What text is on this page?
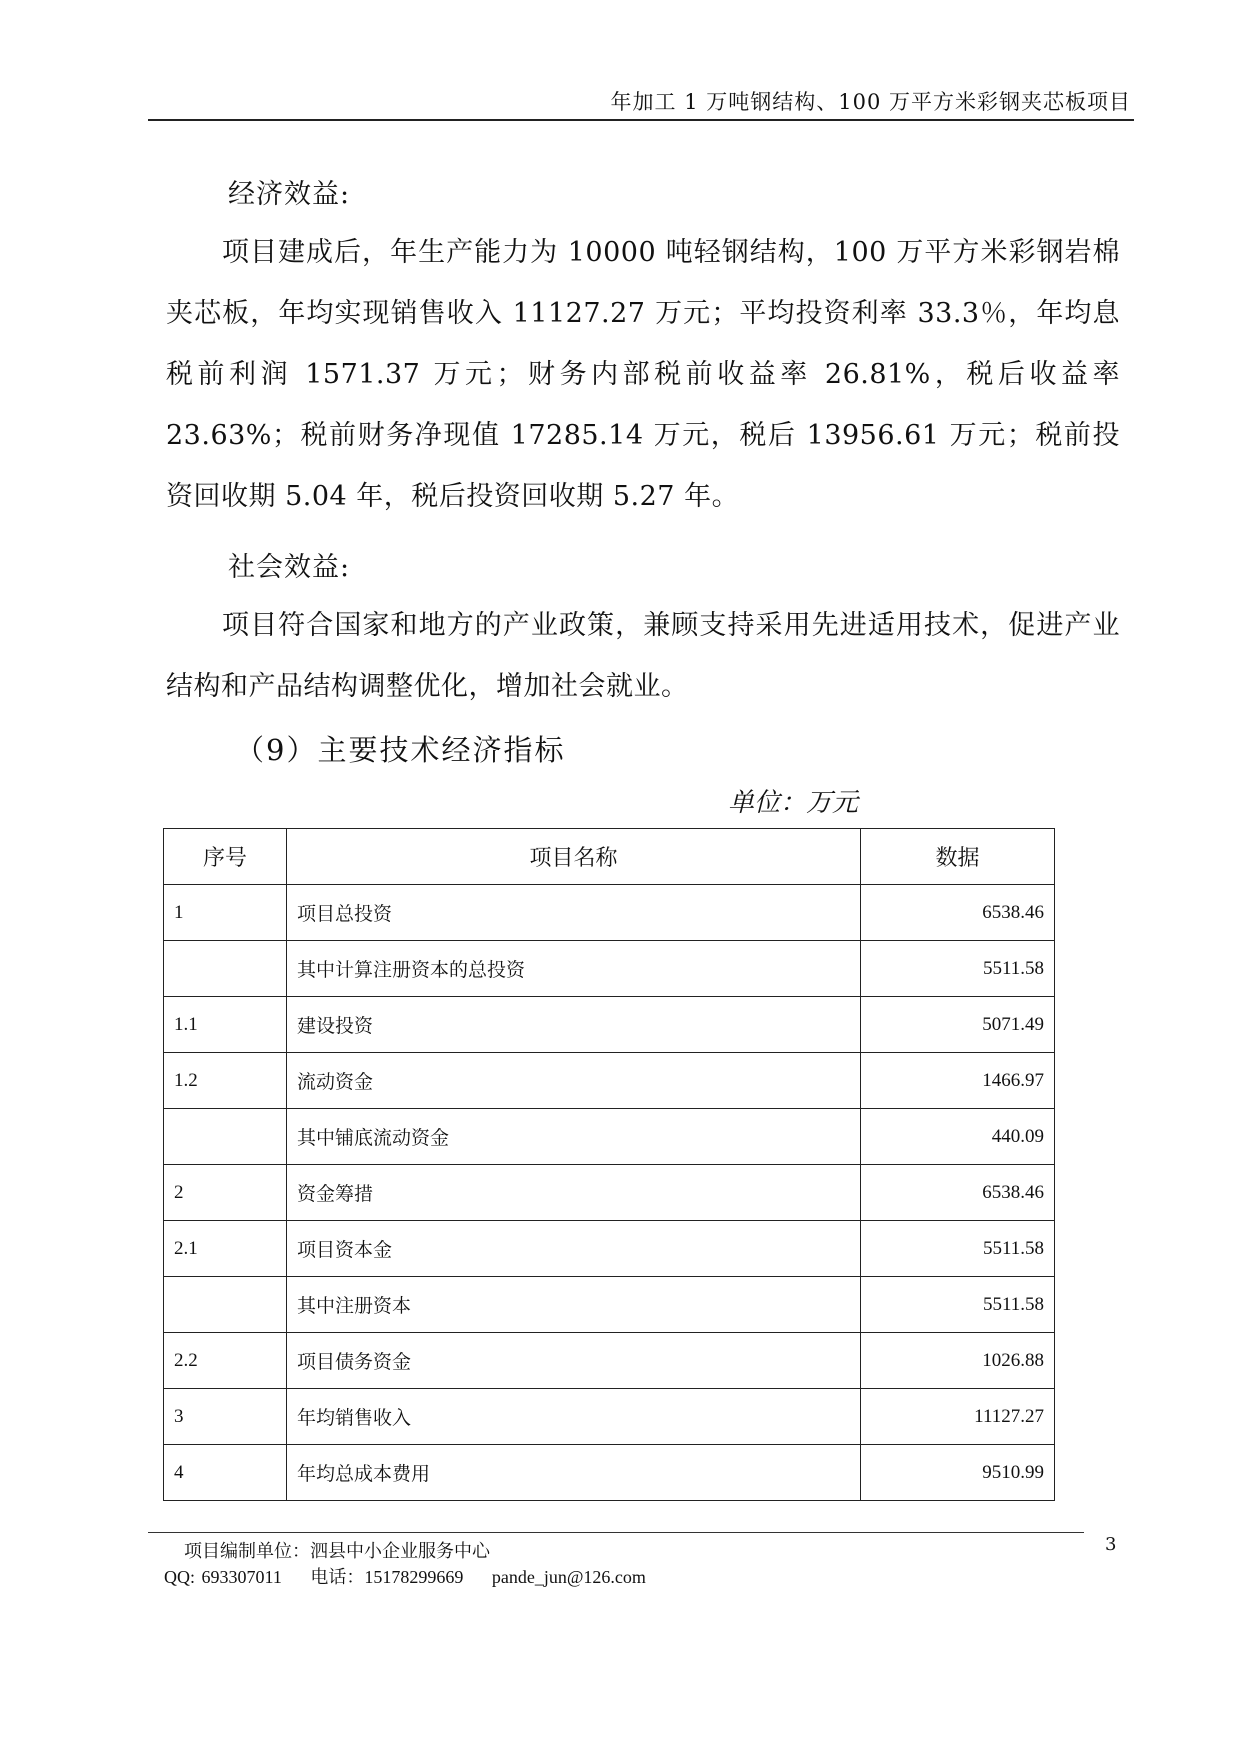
年加工 1 万吨钢结构、100 万平方米彩钢夹芯板项目
经济效益:

项目建成后，年生产能力为 10000 吨轻钢结构，100 万平方米彩钢岩棉夹芯板，年均实现销售收入 11127.27 万元；平均投资利率 33.3％，年均息税前利润 1571.37 万元；财务内部税前收益率 26.81%，税后收益率 23.63%；税前财务净现值 17285.14 万元，税后 13956.61 万元；税前投资回收期 5.04 年，税后投资回收期 5.27 年。

社会效益:

项目符合国家和地方的产业政策，兼顾支持采用先进适用技术，促进产业结构和产品结构调整优化，增加社会就业。

（9）主要技术经济指标
单位：万元
序号	项目名称	数据
1	项目总投资	6538.46
	其中计算注册资本的总投资	5511.58
1.1	建设投资	5071.49
1.2	流动资金	1466.97
	其中铺底流动资金	440.09
2	资金筹措	6538.46
2.1	项目资本金	5511.58
	其中注册资本	5511.58
2.2	项目债务资金	1026.88
3	年均销售收入	11127.27
4	年均总成本费用	9510.99
项目编制单位：泗县中小企业服务中心
QQ: 693307011 电话：15178299669 pande_jun@126.com
3
